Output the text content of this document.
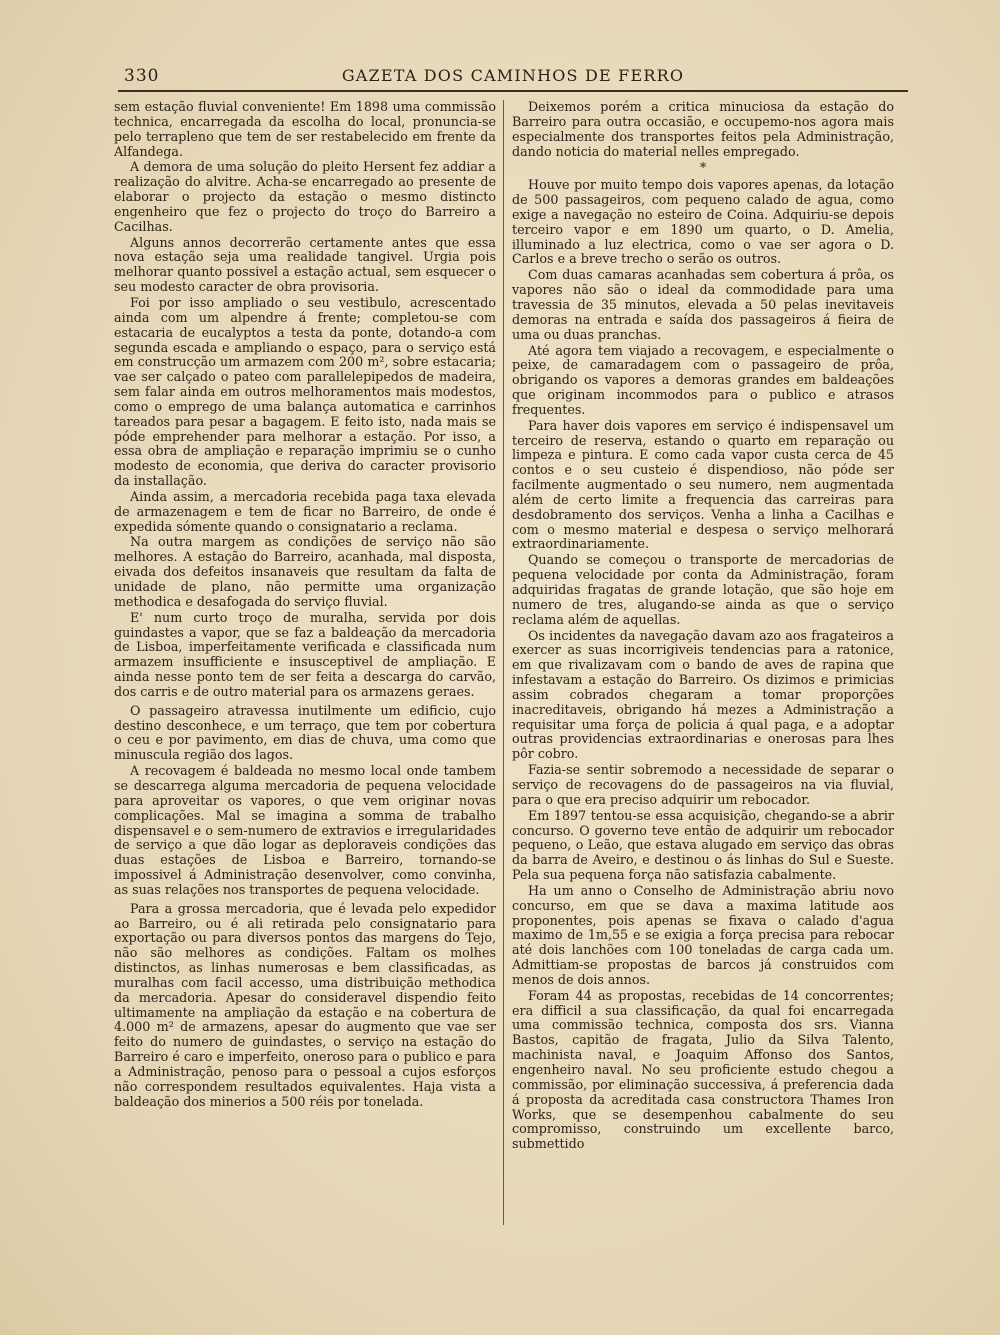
330	GAZETA DOS CAMINHOS DE FERRO

sem estação fluvial conveniente! Em 1898 uma commissão technica, encarregada da escolha do local, pronuncia-se pelo terrapleno que tem de ser restabelecido em frente da Alfandega.

A demora de uma solução do pleito Hersent fez addiar a realização do alvitre. Acha-se encarregado ao presente de elaborar o projecto da estação o mesmo distincto engenheiro que fez o projecto do troço do Barreiro a Cacilhas.

Alguns annos decorrerão certamente antes que essa nova estação seja uma realidade tangivel. Urgia pois melhorar quanto possivel a estação actual, sem esquecer o seu modesto caracter de obra provisoria.

Foi por isso ampliado o seu vestibulo, acrescentado ainda com um alpendre á frente; completou-se com estacaria de eucalyptos a testa da ponte, dotando-a com segunda escada e ampliando o espaço, para o serviço está em construcção um armazem com 200 m², sobre estacaria; vae ser calçado o pateo com parallelepipedos de madeira, sem falar ainda em outros melhoramentos mais modestos, como o emprego de uma balança automatica e carrinhos tareados para pesar a bagagem. E feito isto, nada mais se póde emprehender para melhorar a estação. Por isso, a essa obra de ampliação e reparação imprimiu se o cunho modesto de economia, que deriva do caracter provisorio da installação.

Ainda assim, a mercadoria recebida paga taxa elevada de armazenagem e tem de ficar no Barreiro, de onde é expedida sómente quando o consignatario a reclama.

Na outra margem as condições de serviço não são melhores. A estação do Barreiro, acanhada, mal disposta, eivada dos defeitos insanaveis que resultam da falta de unidade de plano, não permitte uma organização methodica e desafogada do serviço fluvial.

E' num curto troço de muralha, servida por dois guindastes a vapor, que se faz a baldeação da mercadoria de Lisboa, imperfeitamente verificada e classificada num armazem insufficiente e insusceptivel de ampliação. E ainda nesse ponto tem de ser feita a descarga do carvão, dos carris e de outro material para os armazens geraes.

O passageiro atravessa inutilmente um edificio, cujo destino desconhece, e um terraço, que tem por cobertura o ceu e por pavimento, em dias de chuva, uma como que minuscula região dos lagos.

A recovagem é baldeada no mesmo local onde tambem se descarrega alguma mercadoria de pequena velocidade para aproveitar os vapores, o que vem originar novas complicações. Mal se imagina a somma de trabalho dispensavel e o sem-numero de extravios e irregularidades de serviço a que dão logar as deploraveis condições das duas estações de Lisboa e Barreiro, tornando-se impossivel á Administração desenvolver, como convinha, as suas relações nos transportes de pequena velocidade.

Para a grossa mercadoria, que é levada pelo expedidor ao Barreiro, ou é ali retirada pelo consignatario para exportação ou para diversos pontos das margens do Tejo, não são melhores as condições. Faltam os molhes distinctos, as linhas numerosas e bem classificadas, as muralhas com facil accesso, uma distribuição methodica da mercadoria. Apesar do consideravel dispendio feito ultimamente na ampliação da estação e na cobertura de 4.000 m² de armazens, apesar do augmento que vae ser feito do numero de guindastes, o serviço na estação do Barreiro é caro e imperfeito, oneroso para o publico e para a Administração, penoso para o pessoal a cujos esforços não correspondem resultados equivalentes. Haja vista a baldeação dos minerios a 500 réis por tonelada.

Deixemos porém a critica minuciosa da estação do Barreiro para outra occasião, e occupemo-nos agora mais especialmente dos transportes feitos pela Administração, dando noticia do material nelles empregado.

*

Houve por muito tempo dois vapores apenas, da lotação de 500 passageiros, com pequeno calado de agua, como exige a navegação no esteiro de Coina. Adquiriu-se depois terceiro vapor e em 1890 um quarto, o D. Amelia, illuminado a luz electrica, como o vae ser agora o D. Carlos e a breve trecho o serão os outros.

Com duas camaras acanhadas sem cobertura á prôa, os vapores não são o ideal da commodidade para uma travessia de 35 minutos, elevada a 50 pelas inevitaveis demoras na entrada e saída dos passageiros á fieira de uma ou duas pranchas.

Até agora tem viajado a recovagem, e especialmente o peixe, de camaradagem com o passageiro de prôa, obrigando os vapores a demoras grandes em baldeações que originam incommodos para o publico e atrasos frequentes.

Para haver dois vapores em serviço é indispensavel um terceiro de reserva, estando o quarto em reparação ou limpeza e pintura. E como cada vapor custa cerca de 45 contos e o seu custeio é dispendioso, não póde ser facilmente augmentado o seu numero, nem augmentada além de certo limite a frequencia das carreiras para desdobramento dos serviços. Venha a linha a Cacilhas e com o mesmo material e despesa o serviço melhorará extraordinariamente.

Quando se começou o transporte de mercadorias de pequena velocidade por conta da Administração, foram adquiridas fragatas de grande lotação, que são hoje em numero de tres, alugando-se ainda as que o serviço reclama além de aquellas.

Os incidentes da navegação davam azo aos fragateiros a exercer as suas incorrigiveis tendencias para a ratonice, em que rivalizavam com o bando de aves de rapina que infestavam a estação do Barreiro. Os dizimos e primicias assim cobrados chegaram a tomar proporções inacreditaveis, obrigando há mezes a Administração a requisitar uma força de policia á qual paga, e a adoptar outras providencias extraordinarias e onerosas para lhes pôr cobro.

Fazia-se sentir sobremodo a necessidade de separar o serviço de recovagens do de passageiros na via fluvial, para o que era preciso adquirir um rebocador.

Em 1897 tentou-se essa acquisição, chegando-se a abrir concurso. O governo teve então de adquirir um rebocador pequeno, o Leão, que estava alugado em serviço das obras da barra de Aveiro, e destinou o ás linhas do Sul e Sueste. Pela sua pequena força não satisfazia cabalmente.

Ha um anno o Conselho de Administração abriu novo concurso, em que se dava a maxima latitude aos proponentes, pois apenas se fixava o calado d'agua maximo de 1m,55 e se exigia a força precisa para rebocar até dois lanchões com 100 toneladas de carga cada um. Admittiam-se propostas de barcos já construidos com menos de dois annos.

Foram 44 as propostas, recebidas de 14 concorrentes; era difficil a sua classificação, da qual foi encarregada uma commissão technica, composta dos srs. Vianna Bastos, capitão de fragata, Julio da Silva Talento, machinista naval, e Joaquim Affonso dos Santos, engenheiro naval. No seu proficiente estudo chegou a commissão, por eliminação successiva, á preferencia dada á proposta da acreditada casa constructora Thames Iron Works, que se desempenhou cabalmente do seu compromisso, construindo um excellente barco, submettido
